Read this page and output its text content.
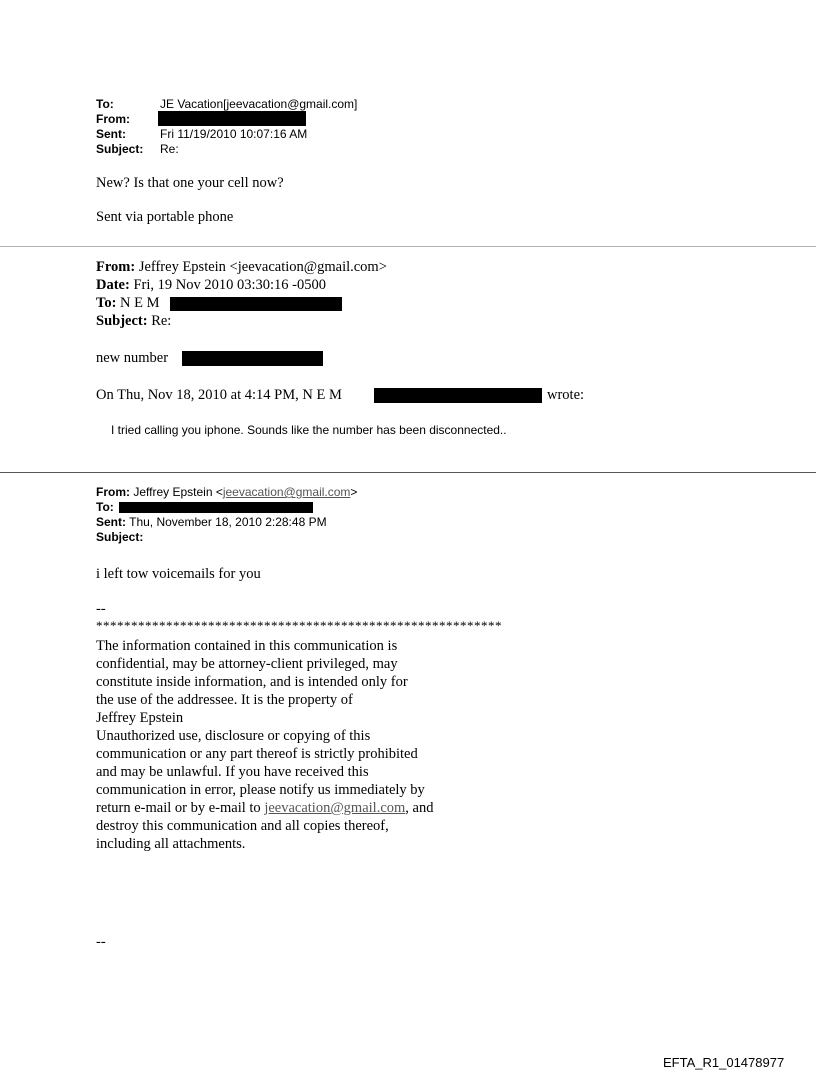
To:	JE Vacation[jeevacation@gmail.com]
From:
Sent:	Fri 11/19/2010 10:07:16 AM
Subject: Re:
New? Is that one your cell now?
Sent via portable phone
From: Jeffrey Epstein <jeevacation@gmail.com>
Date: Fri, 19 Nov 2010 03:30:16 -0500
To: N E M
Subject: Re:
new number
On Thu, Nov 18, 2010 at 4:14 PM, N E M	wrote:
I tried calling you iphone. Sounds like the number has been disconnected..
From: Jeffrey Epstein <jeevacation@gmail.com>
To:
Sent: Thu, November 18, 2010 2:28:48 PM
Subject:
i left tow voicemails for you
--
**********************************************************
The information contained in this communication is
confidential, may be attorney-client privileged, may
constitute inside information, and is intended only for
the use of the addressee. It is the property of
Jeffrey Epstein
Unauthorized use, disclosure or copying of this
communication or any part thereof is strictly prohibited
and may be unlawful. If you have received this
communication in error, please notify us immediately by
return e-mail or by e-mail to jeevacation@gmail.com, and
destroy this communication and all copies thereof,
including all attachments.
--
EFTA_R1_01478977
